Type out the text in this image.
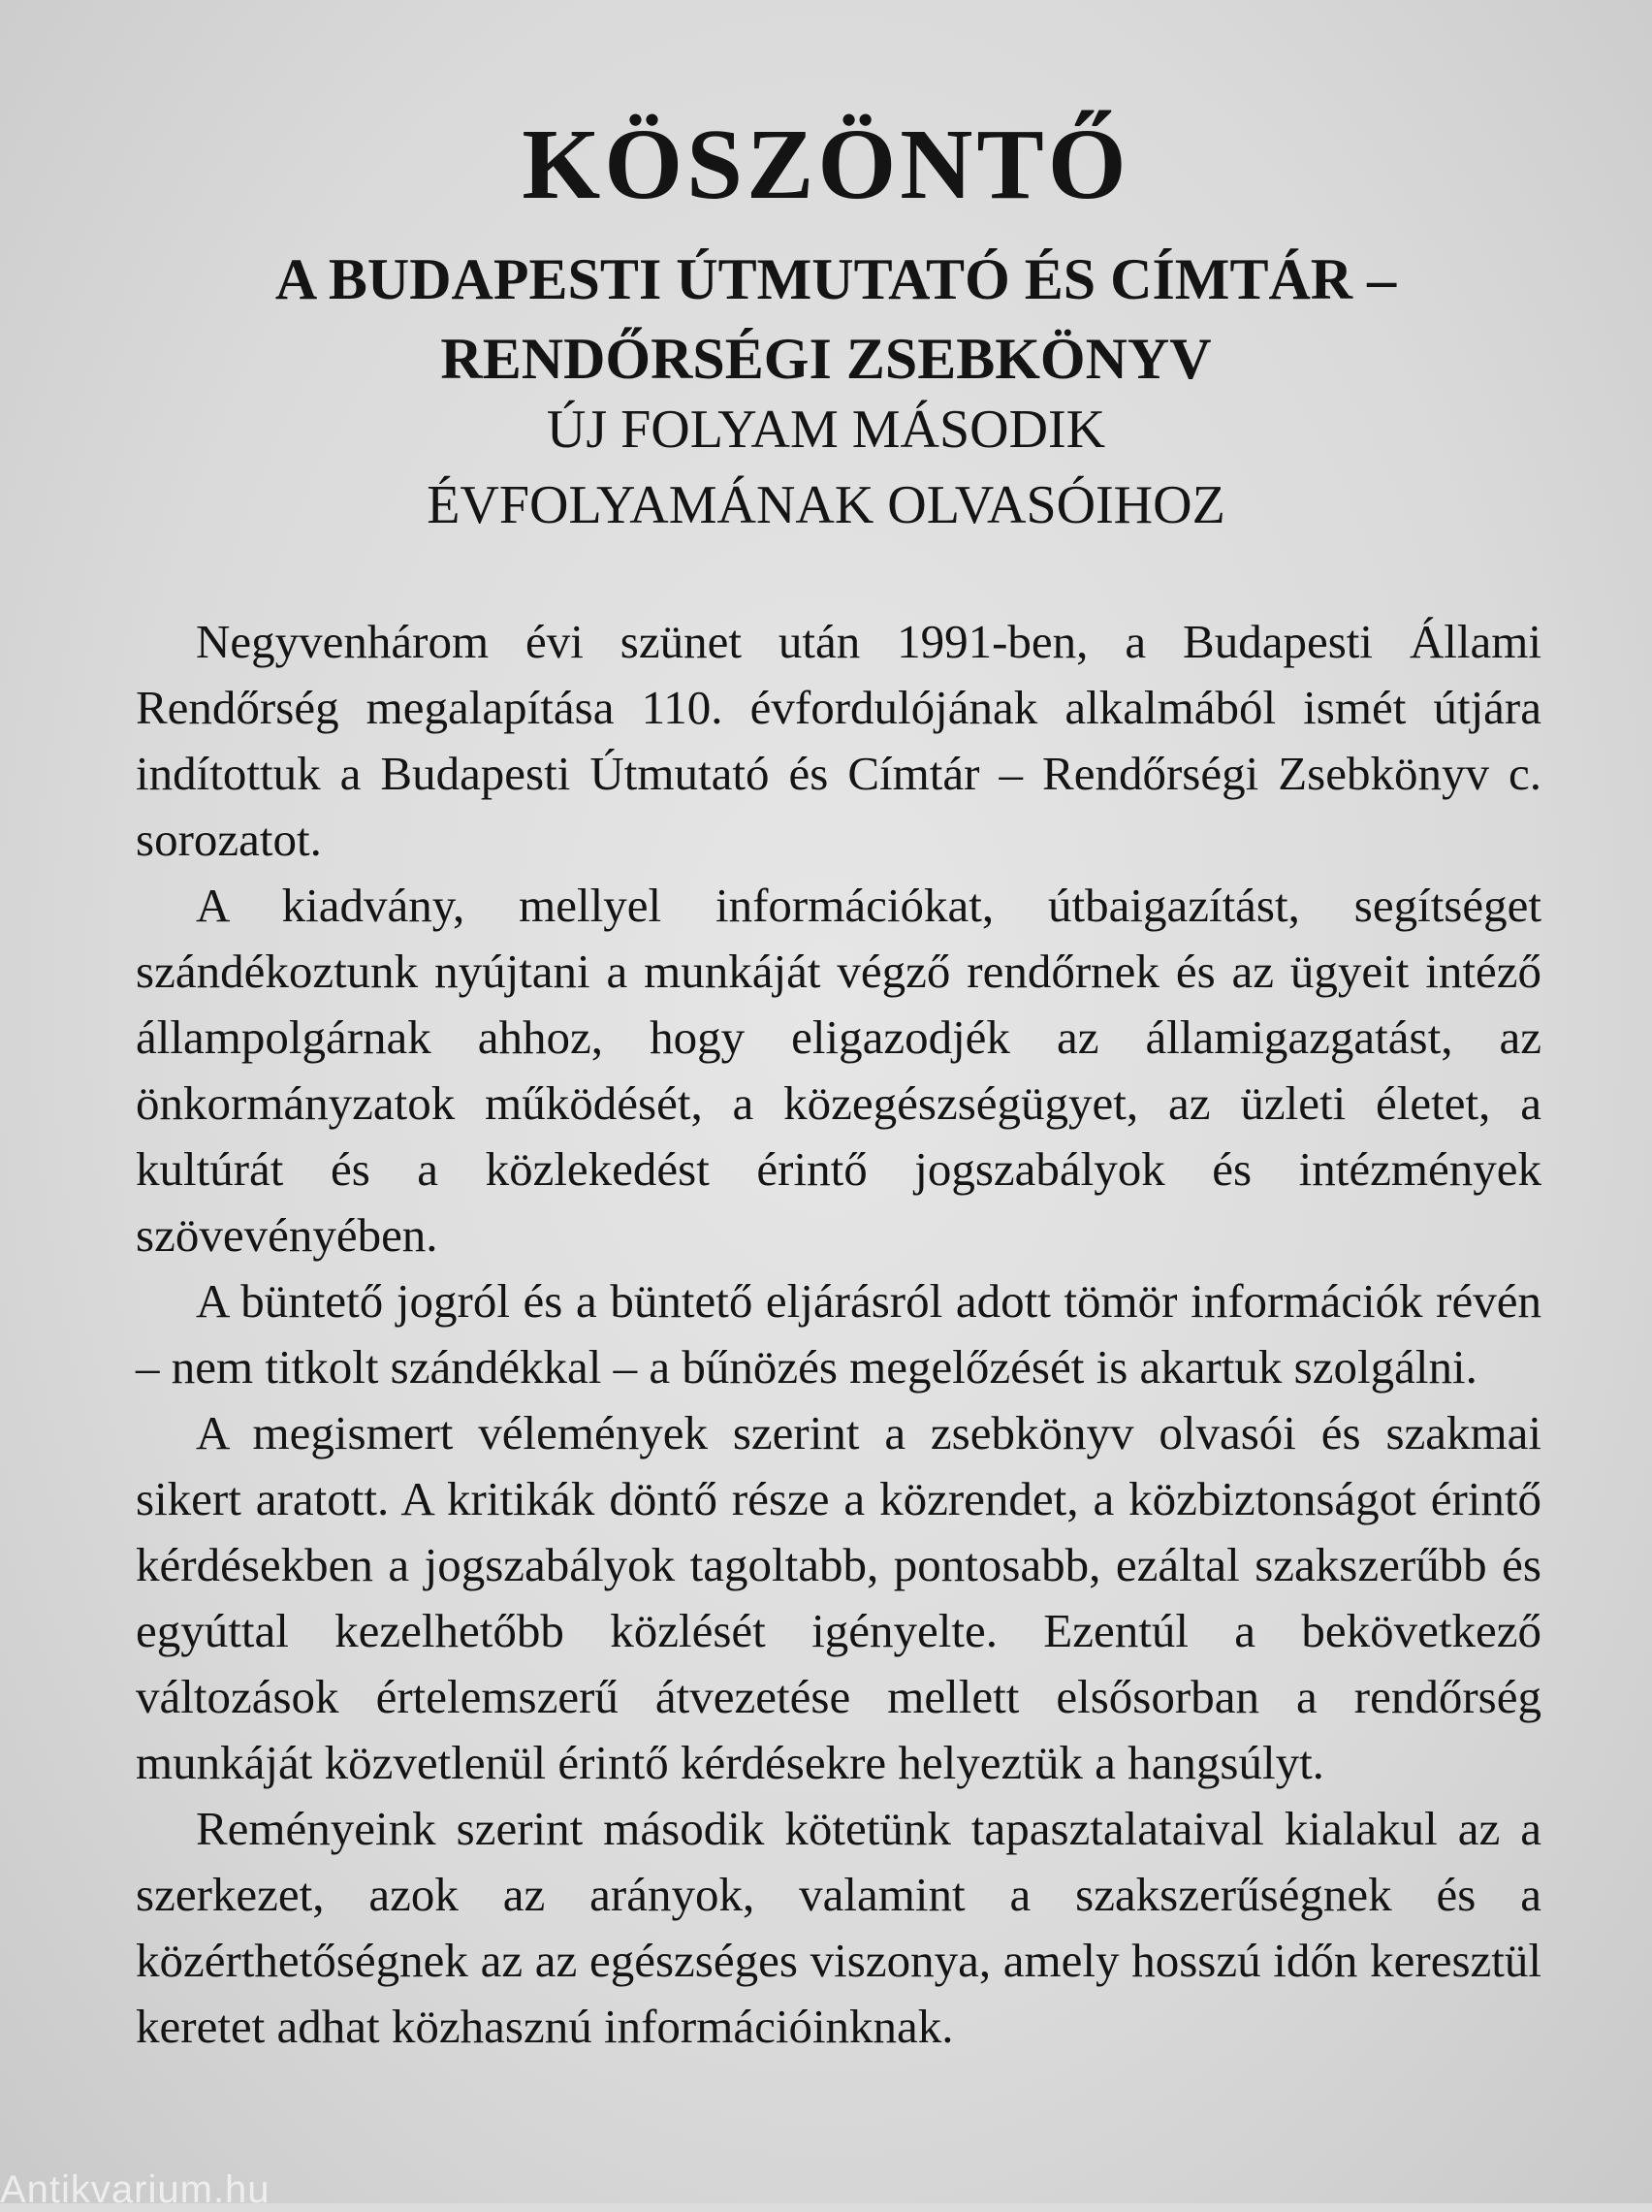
KÖSZÖNTŐ
A BUDAPESTI ÚTMUTATÓ ÉS CÍMTÁR –
RENDŐRSÉGI ZSEBKÖNYV
ÚJ FOLYAM MÁSODIK
ÉVFOLYAMÁNAK OLVASÓIHOZ

Negyvenhárom évi szünet után 1991-ben, a Budapesti Állami Rendőrség megalapítása 110. évfordulójának alkalmából ismét útjára indítottuk a Budapesti Útmutató és Címtár – Rendőrségi Zsebkönyv c. sorozatot.

A kiadvány, mellyel információkat, útbaigazítást, segítséget szándékoztunk nyújtani a munkáját végző rendőrnek és az ügyeit intéző állampolgárnak ahhoz, hogy eligazodjék az államigazgatást, az önkormányzatok működését, a közegészségügyet, az üzleti életet, a kultúrát és a közlekedést érintő jogszabályok és intézmények szövevényében.

A büntető jogról és a büntető eljárásról adott tömör információk révén – nem titkolt szándékkal – a bűnözés megelőzését is akartuk szolgálni.

A megismert vélemények szerint a zsebkönyv olvasói és szakmai sikert aratott. A kritikák döntő része a közrendet, a közbiztonságot érintő kérdésekben a jogszabályok tagoltabb, pontosabb, ezáltal szakszerűbb és egyúttal kezelhetőbb közlését igényelte. Ezentúl a bekövetkező változások értelemszerű átvezetése mellett elsősorban a rendőrség munkáját közvetlenül érintő kérdésekre helyeztük a hangsúlyt.

Reményeink szerint második kötetünk tapasztalataival kialakul az a szerkezet, azok az arányok, valamint a szakszerűségnek és a közérthetőségnek az az egészséges viszonya, amely hosszú időn keresztül keretet adhat közhasznú információinknak.

Antikvarium.hu
